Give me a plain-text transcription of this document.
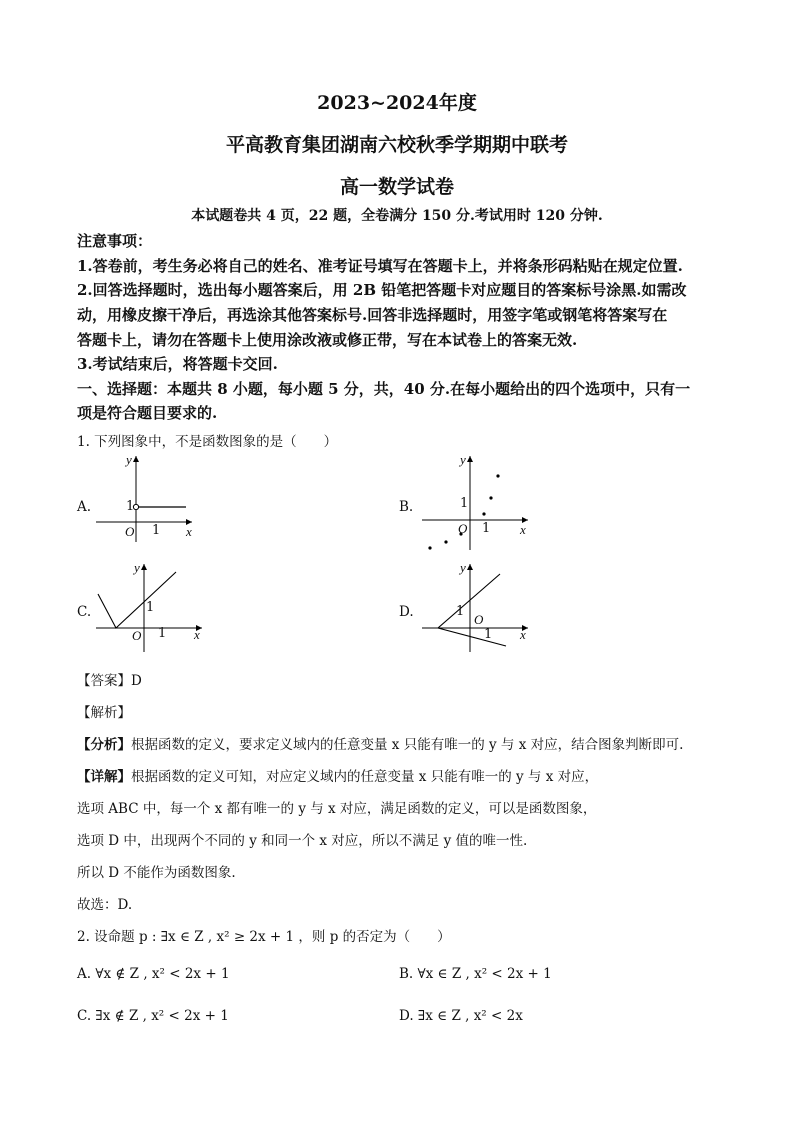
2023~2024年度
平高教育集团湖南六校秋季学期期中联考
高一数学试卷
本试题卷共 4 页，22 题，全卷满分 150 分.考试用时 120 分钟.
注意事项：
1.答卷前，考生务必将自己的姓名、准考证号填写在答题卡上，并将条形码粘贴在规定位置.
2.回答选择题时，选出每小题答案后，用 2B 铅笔把答题卡对应题目的答案标号涂黑.如需改
动，用橡皮擦干净后，再选涂其他答案标号.回答非选择题时，用签字笔或钢笔将答案写在
答题卡上，请勿在答题卡上使用涂改液或修正带，写在本试卷上的答案无效.
3.考试结束后，将答题卡交回.
一、选择题：本题共 8 小题，每小题 5 分，共，40 分.在每小题给出的四个选项中，只有一
项是符合题目要求的.
1. 下列图象中，不是函数图象的是（　　）
A.
y
1
O 1 x
B.
y
1
O 1 x
C.
y
1
O 1 x
D.
y
1
O
1 x
【答案】D
【解析】
【分析】根据函数的定义，要求定义域内的任意变量 x 只能有唯一的 y 与 x 对应，结合图象判断即可.
【详解】根据函数的定义可知，对应定义域内的任意变量 x 只能有唯一的 y 与 x 对应，
选项 ABC 中，每一个 x 都有唯一的 y 与 x 对应，满足函数的定义，可以是函数图象，
选项 D 中，出现两个不同的 y 和同一个 x 对应，所以不满足 y 值的唯一性.
所以 D 不能作为函数图象.
故选：D.
2. 设命题 p : ∃x ∈ Z , x² ≥ 2x + 1 ，则 p 的否定为（　　）
A. ∀x ∉ Z , x² < 2x + 1	B. ∀x ∈ Z , x² < 2x + 1
C. ∃x ∉ Z , x² < 2x + 1	D. ∃x ∈ Z , x² < 2x
